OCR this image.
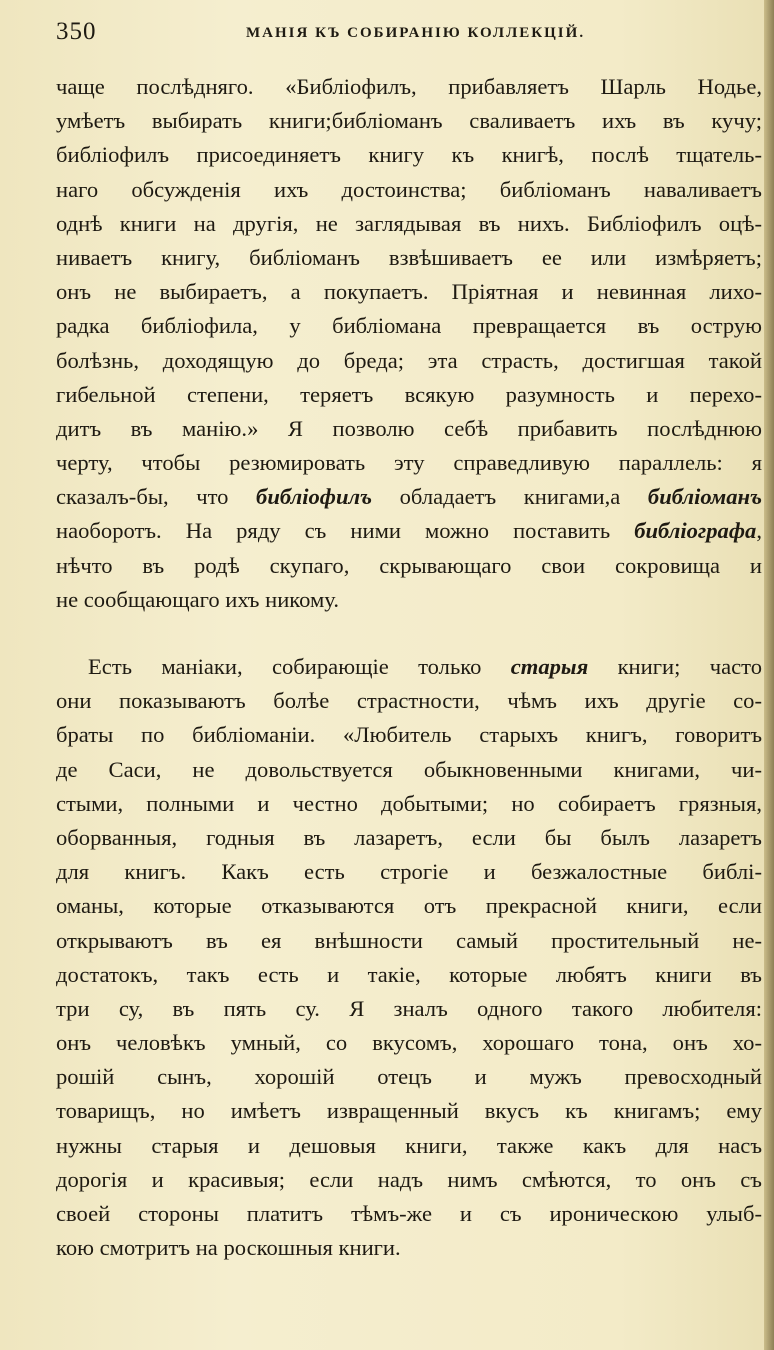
350	МАНІЯ КЪ СОБИРАНІЮ КОЛЛЕКЦІЙ.
чаще послѣдняго. «Библіофилъ, прибавляетъ Шарль Нодье,
умѣетъ выбирать книги;библіоманъ сваливаетъ ихъ въ кучу;
библіофилъ присоединяетъ книгу къ книгѣ, послѣ тщатель-
наго обсужденія ихъ достоинства; библіоманъ наваливаетъ
однѣ книги на другія, не заглядывая въ нихъ. Библіофилъ оцѣ-
ниваетъ книгу, библіоманъ взвѣшиваетъ ее или измѣряетъ;
онъ не выбираетъ, а покупаетъ. Пріятная и невинная лихо-
радка библіофила, у библіомана превращается въ острую
болѣзнь, доходящую до бреда; эта страсть, достигшая такой
гибельной степени, теряетъ всякую разумность и перехо-
дитъ въ манію.» Я позволю себѣ прибавить послѣднюю
черту, чтобы резюмировать эту справедливую параллель: я
сказалъ-бы, что библіофилъ обладаетъ книгами,а библіоманъ
наоборотъ. На ряду съ ними можно поставить библіографа,
нѣчто въ родѣ скупаго, скрывающаго свои сокровища и
не сообщающаго ихъ никому.
Есть маніаки, собирающіе только старыя книги; часто
они показываютъ болѣе страстности, чѣмъ ихъ другіе со-
браты по библіоманіи. «Любитель старыхъ книгъ, говоритъ
де Саси, не довольствуется обыкновенными книгами, чи-
стыми, полными и честно добытыми; но собираетъ грязныя,
оборванныя, годныя въ лазаретъ, если бы былъ лазаретъ
для книгъ. Какъ есть строгіе и безжалостные библі-
оманы, которые отказываются отъ прекрасной книги, если
открываютъ въ ея внѣшности самый простительный не-
достатокъ, такъ есть и такіе, которые любятъ книги въ
три су, въ пять су. Я зналъ одного такого любителя:
онъ человѣкъ умный, со вкусомъ, хорошаго тона, онъ хо-
рошій сынъ, хорошій отецъ и мужъ превосходный
товарищъ, но имѣетъ извращенный вкусъ къ книгамъ; ему
нужны старыя и дешовыя книги, также какъ для насъ
дорогія и красивыя; если надъ нимъ смѣются, то онъ съ
своей стороны платитъ тѣмъ-же и съ ироническою улыб-
кою смотритъ на роскошныя книги.
